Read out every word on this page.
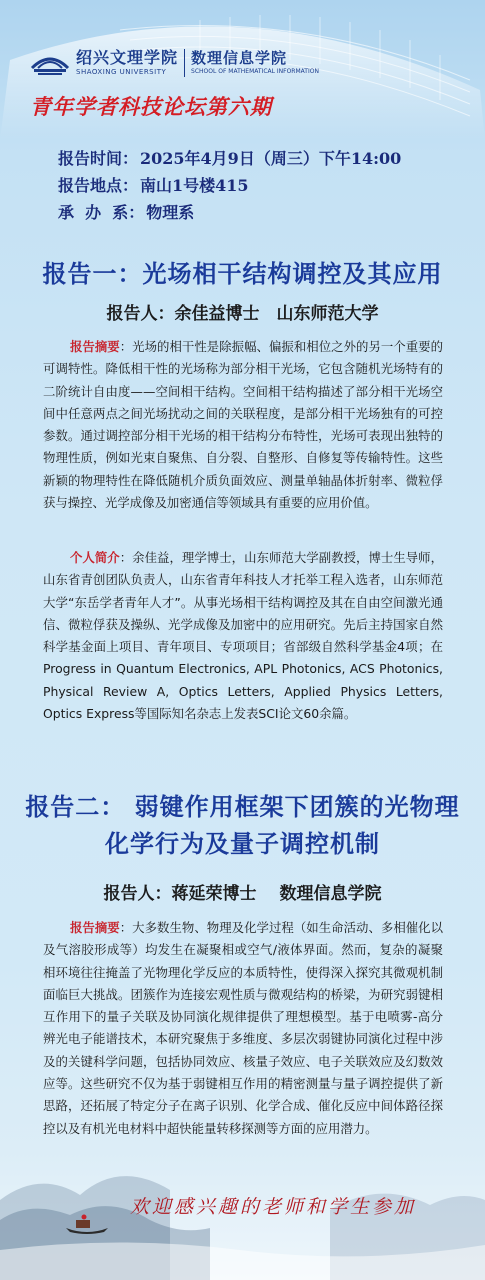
绍兴文理学院
SHAOXING UNIVERSITY
数理信息学院
SCHOOL OF MATHEMATICAL INFORMATION
青年学者科技论坛第六期
报告时间： 2025年4月9日（周三）下午14:00
报告地点： 南山1号楼415
承  办  系： 物理系
报告一：光场相干结构调控及其应用
报告人：余佳益博士　山东师范大学

报告摘要：光场的相干性是除振幅、偏振和相位之外的另一个重要的可调特性。降低相干性的光场称为部分相干光场，它包含随机光场特有的二阶统计自由度——空间相干结构。空间相干结构描述了部分相干光场空间中任意两点之间光场扰动之间的关联程度，是部分相干光场独有的可控参数。通过调控部分相干光场的相干结构分布特性，光场可表现出独特的物理性质，例如光束自聚焦、自分裂、自整形、自修复等传输特性。这些新颖的物理特性在降低随机介质负面效应、测量单轴晶体折射率、微粒俘获与操控、光学成像及加密通信等领域具有重要的应用价值。

个人简介：余佳益，理学博士，山东师范大学副教授，博士生导师，山东省青创团队负责人，山东省青年科技人才托举工程入选者，山东师范大学“东岳学者青年人才”。从事光场相干结构调控及其在自由空间激光通信、微粒俘获及操纵、光学成像及加密中的应用研究。先后主持国家自然科学基金面上项目、青年项目、专项项目；省部级自然科学基金4项；在Progress in Quantum Electronics, APL Photonics, ACS Photonics, Physical Review A, Optics Letters, Applied Physics Letters, Optics Express等国际知名杂志上发表SCI论文60余篇。

报告二： 弱键作用框架下团簇的光物理
化学行为及量子调控机制
报告人：蒋延荣博士　 数理信息学院

报告摘要：大多数生物、物理及化学过程（如生命活动、多相催化以及气溶胶形成等）均发生在凝聚相或空气/液体界面。然而，复杂的凝聚相环境往往掩盖了光物理化学反应的本质特性，使得深入探究其微观机制面临巨大挑战。团簇作为连接宏观性质与微观结构的桥梁，为研究弱键相互作用下的量子关联及协同演化规律提供了理想模型。基于电喷雾-高分辨光电子能谱技术，本研究聚焦于多维度、多层次弱键协同演化过程中涉及的关键科学问题，包括协同效应、核量子效应、电子关联效应及幻数效应等。这些研究不仅为基于弱键相互作用的精密测量与量子调控提供了新思路，还拓展了特定分子在离子识别、化学合成、催化反应中间体路径探控以及有机光电材料中超快能量转移探测等方面的应用潜力。

欢迎感兴趣的老师和学生参加
